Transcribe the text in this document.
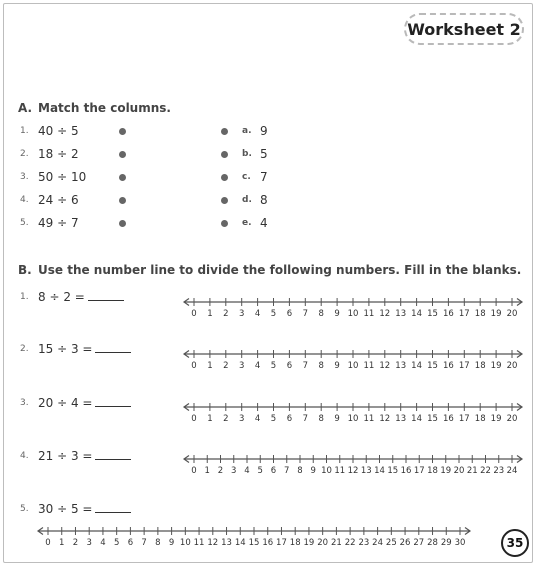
Worksheet 2
A. Match the columns.
1. 40 ÷ 5	a. 9
2. 18 ÷ 2	b. 5
3. 50 ÷ 10	c. 7
4. 24 ÷ 6	d. 8
5. 49 ÷ 7	e. 4
B. Use the number line to divide the following numbers. Fill in the blanks.
1. 8 ÷ 2 =
0 1 2 3 4 5 6 7 8 9 10 11 12 13 14 15 16 17 18 19 20
2. 15 ÷ 3 =
0 1 2 3 4 5 6 7 8 9 10 11 12 13 14 15 16 17 18 19 20
3. 20 ÷ 4 =
0 1 2 3 4 5 6 7 8 9 10 11 12 13 14 15 16 17 18 19 20
4. 21 ÷ 3 =
0 1 2 3 4 5 6 7 8 9 10 11 12 13 14 15 16 17 18 19 20 21 22 23 24
5. 30 ÷ 5 =
0 1 2 3 4 5 6 7 8 9 10 11 12 13 14 15 16 17 18 19 20 21 22 23 24 25 26 27 28 29 30	35
